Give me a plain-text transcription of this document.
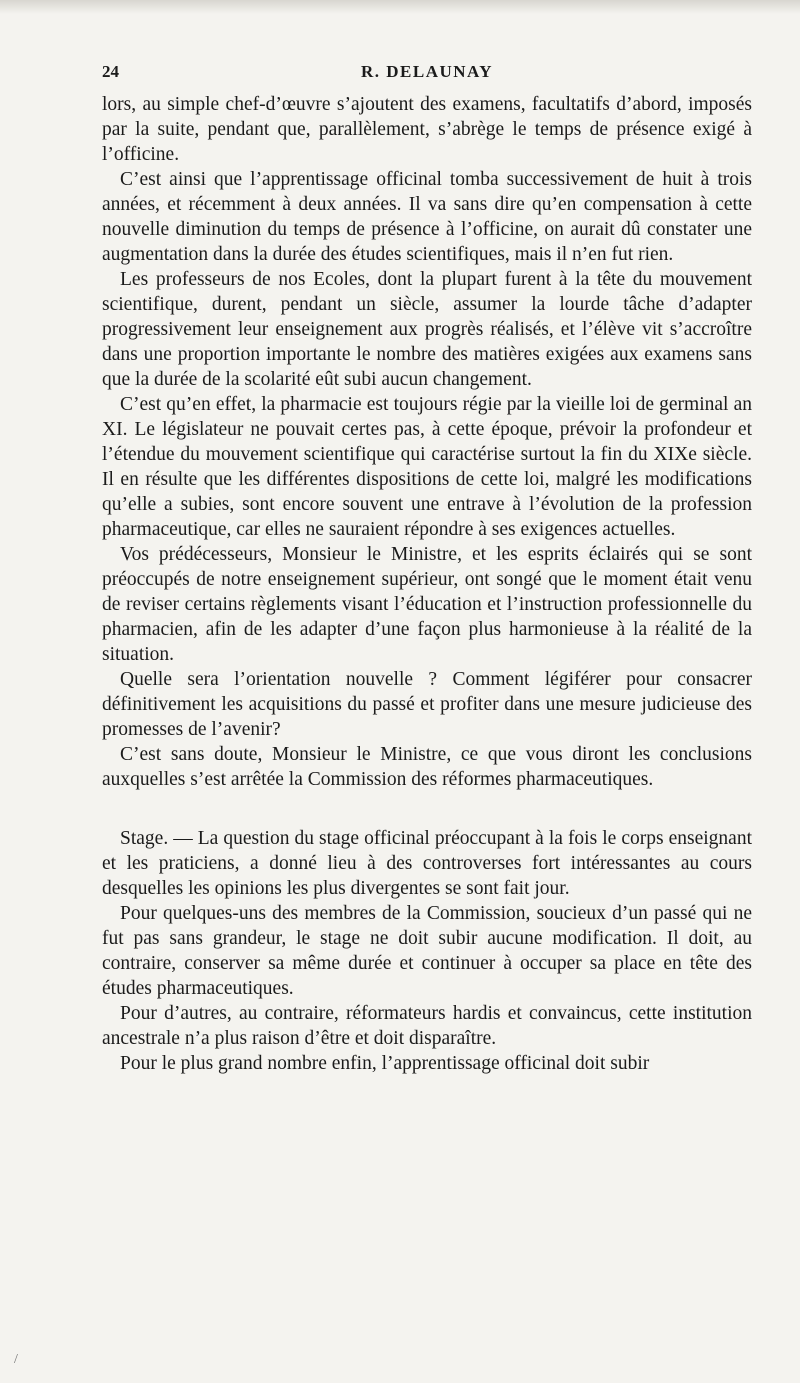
24	R. DELAUNAY

lors, au simple chef-d’œuvre s’ajoutent des examens, facultatifs d’abord, imposés par la suite, pendant que, parallèlement, s’abrège le temps de présence exigé à l’officine.

C’est ainsi que l’apprentissage officinal tomba successivement de huit à trois années, et récemment à deux années. Il va sans dire qu’en compensation à cette nouvelle diminution du temps de présence à l’officine, on aurait dû constater une augmentation dans la durée des études scientifiques, mais il n’en fut rien.

Les professeurs de nos Ecoles, dont la plupart furent à la tête du mouvement scientifique, durent, pendant un siècle, assumer la lourde tâche d’adapter progressivement leur enseignement aux progrès réalisés, et l’élève vit s’accroître dans une proportion importante le nombre des matières exigées aux examens sans que la durée de la scolarité eût subi aucun changement.

C’est qu’en effet, la pharmacie est toujours régie par la vieille loi de germinal an XI. Le législateur ne pouvait certes pas, à cette époque, prévoir la profondeur et l’étendue du mouvement scientifique qui caractérise surtout la fin du XIXe siècle. Il en résulte que les différentes dispositions de cette loi, malgré les modifications qu’elle a subies, sont encore souvent une entrave à l’évolution de la profession pharmaceutique, car elles ne sauraient répondre à ses exigences actuelles.

Vos prédécesseurs, Monsieur le Ministre, et les esprits éclairés qui se sont préoccupés de notre enseignement supérieur, ont songé que le moment était venu de reviser certains règlements visant l’éducation et l’instruction professionnelle du pharmacien, afin de les adapter d’une façon plus harmonieuse à la réalité de la situation.

Quelle sera l’orientation nouvelle ? Comment légiférer pour consacrer définitivement les acquisitions du passé et profiter dans une mesure judicieuse des promesses de l’avenir?

C’est sans doute, Monsieur le Ministre, ce que vous diront les conclusions auxquelles s’est arrêtée la Commission des réformes pharmaceutiques.

Stage. — La question du stage officinal préoccupant à la fois le corps enseignant et les praticiens, a donné lieu à des controverses fort intéressantes au cours desquelles les opinions les plus divergentes se sont fait jour.

Pour quelques-uns des membres de la Commission, soucieux d’un passé qui ne fut pas sans grandeur, le stage ne doit subir aucune modification. Il doit, au contraire, conserver sa même durée et continuer à occuper sa place en tête des études pharmaceutiques.

Pour d’autres, au contraire, réformateurs hardis et convaincus, cette institution ancestrale n’a plus raison d’être et doit disparaître.

Pour le plus grand nombre enfin, l’apprentissage officinal doit subir

/
